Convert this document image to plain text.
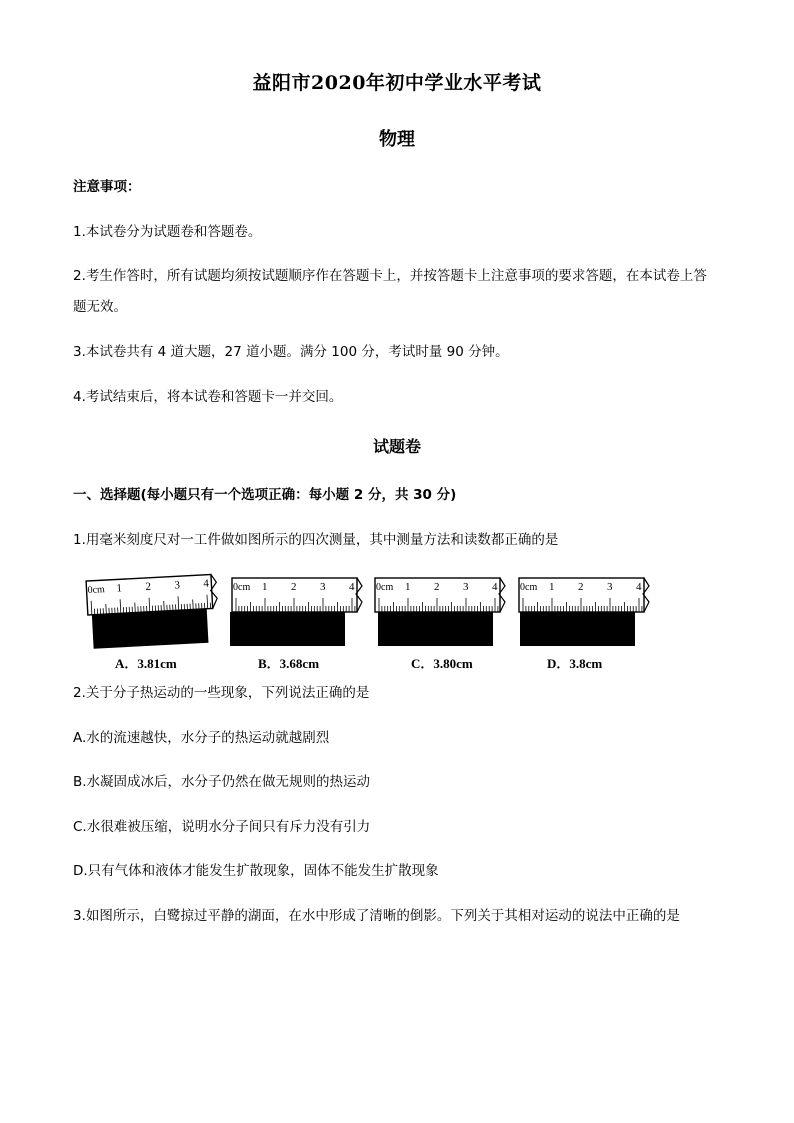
益阳市2020年初中学业水平考试
物理
注意事项：
1.本试卷分为试题卷和答题卷。
2.考生作答时，所有试题均须按试题顺序作在答题卡上，并按答题卡上注意事项的要求答题，在本试卷上答
题无效。
3.本试卷共有 4 道大题，27 道小题。满分 100 分，考试时量 90 分钟。
4.考试结束后，将本试卷和答题卡一并交回。
试题卷
一、选择题(每小题只有一个选项正确：每小题 2 分，共 30 分)
1.用毫米刻度尺对一工件做如图所示的四次测量，其中测量方法和读数都正确的是
0cm 1 2 3 4
A．3.81cm
0cm 1 2 3 4
B．3.68cm
0cm 1 2 3 4
C．3.80cm
0cm 1 2 3 4
D．3.8cm
2.关于分子热运动的一些现象，下列说法正确的是
A.水的流速越快，水分子的热运动就越剧烈
B.水凝固成冰后，水分子仍然在做无规则的热运动
C.水很难被压缩，说明水分子间只有斥力没有引力
D.只有气体和液体才能发生扩散现象，固体不能发生扩散现象
3.如图所示，白鹭掠过平静的湖面，在水中形成了清晰的倒影。下列关于其相对运动的说法中正确的是
